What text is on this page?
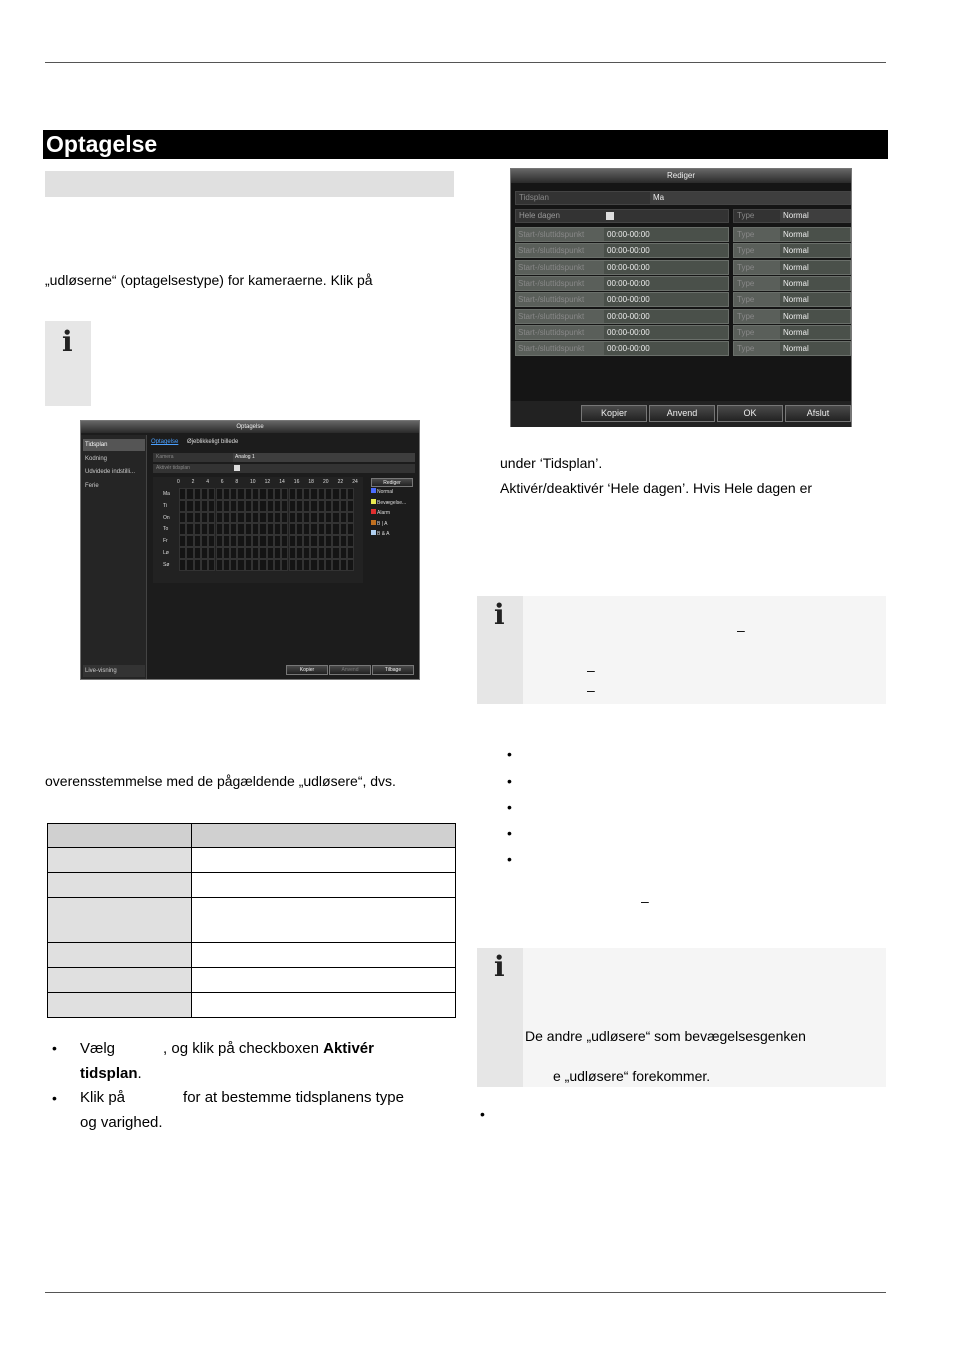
Optagelse
„udløserne“ (optagelsestype) for kameraerne. Klik på
i
Optagelse
Tidsplan
Kodning
Udvidede indstilli...
Ferie
Live-visning
Optagelse Øjeblikkeligt billede
Kamera	Analog 1
Aktivér tidsplan
0 2 4 6 8 10 12 14 16 18 20 22 24
Ma
Ti
On
To
Fr
Lø
Sø
Rediger
Normal
Bevægelse...
Alarm
B | A
B & A
Kopier	Anvend	Tilbage
overensstemmelse med de pågældende „udløsere“, dvs.

• Vælg	, og klik på checkboxen Aktivér
tidsplan.
• Klik på	for at bestemme tidsplanens type
og varighed.
Rediger
Tidsplan	Ma
Hele dagen	Type	Normal
Start-/sluttidspunkt	00:00-00:00	Type	Normal
Start-/sluttidspunkt	00:00-00:00	Type	Normal
Start-/sluttidspunkt	00:00-00:00	Type	Normal
Start-/sluttidspunkt	00:00-00:00	Type	Normal
Start-/sluttidspunkt	00:00-00:00	Type	Normal
Start-/sluttidspunkt	00:00-00:00	Type	Normal
Start-/sluttidspunkt	00:00-00:00	Type	Normal
Start-/sluttidspunkt	00:00-00:00	Type	Normal
Kopier	Anvend	OK	Afslut
under ‘Tidsplan’.
Aktivér/deaktivér ‘Hele dagen’. Hvis Hele dagen er
i	–
–
–
•
•
•
•
•
–
i
De andre „udløsere“ som bevægelsesgenken
e „udløsere“ forekommer.
•
